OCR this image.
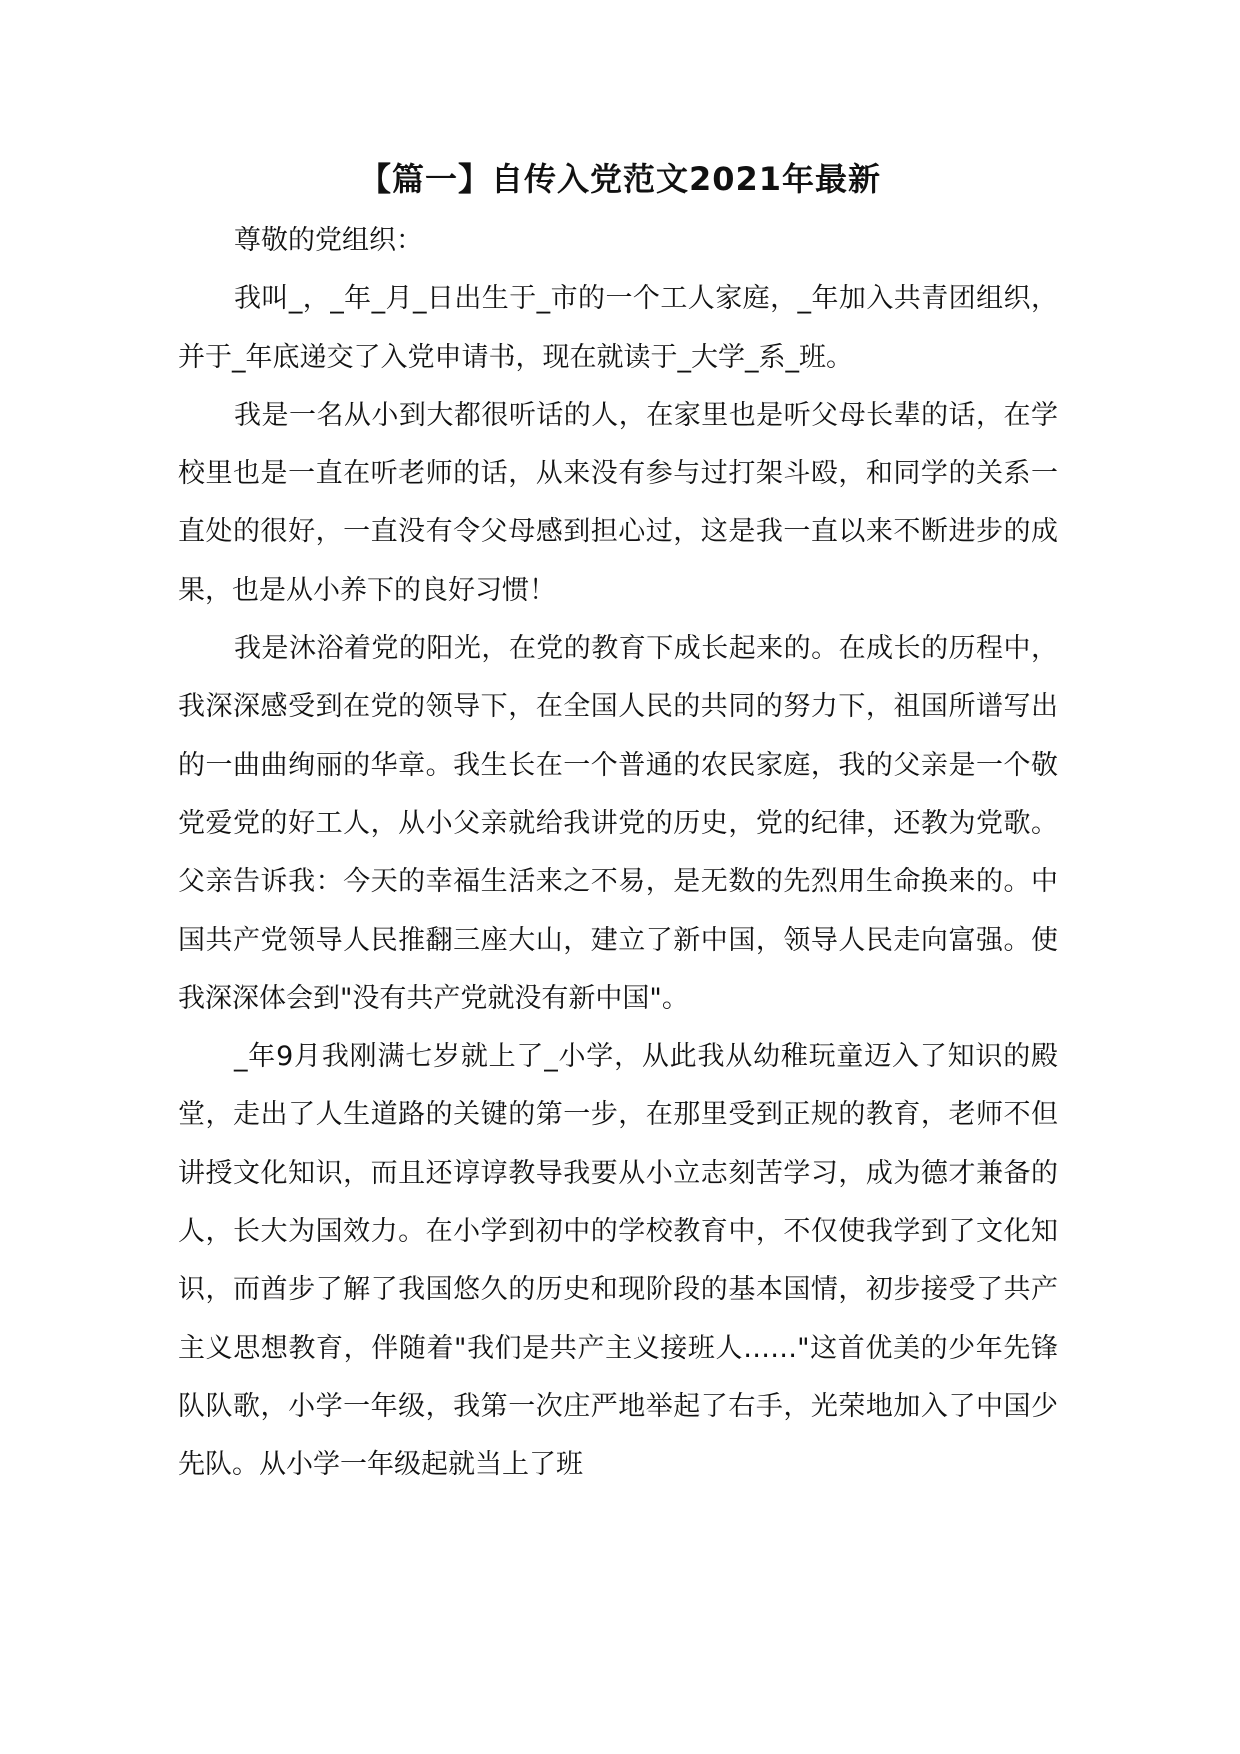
【篇一】自传入党范文2021年最新

尊敬的党组织：

我叫_，_年_月_日出生于_市的一个工人家庭，_年加入共青团组织，并于_年底递交了入党申请书，现在就读于_大学_系_班。

我是一名从小到大都很听话的人，在家里也是听父母长辈的话，在学校里也是一直在听老师的话，从来没有参与过打架斗殴，和同学的关系一直处的很好，一直没有令父母感到担心过，这是我一直以来不断进步的成果，也是从小养下的良好习惯！

我是沐浴着党的阳光，在党的教育下成长起来的。在成长的历程中，我深深感受到在党的领导下，在全国人民的共同的努力下，祖国所谱写出的一曲曲绚丽的华章。我生长在一个普通的农民家庭，我的父亲是一个敬党爱党的好工人，从小父亲就给我讲党的历史，党的纪律，还教为党歌。父亲告诉我：今天的幸福生活来之不易，是无数的先烈用生命换来的。中国共产党领导人民推翻三座大山，建立了新中国，领导人民走向富强。使我深深体会到"没有共产党就没有新中国"。

_年9月我刚满七岁就上了_小学，从此我从幼稚玩童迈入了知识的殿堂，走出了人生道路的关键的第一步，在那里受到正规的教育，老师不但讲授文化知识，而且还谆谆教导我要从小立志刻苦学习，成为德才兼备的人，长大为国效力。在小学到初中的学校教育中，不仅使我学到了文化知识，而酋步了解了我国悠久的历史和现阶段的基本国情，初步接受了共产主义思想教育，伴随着"我们是共产主义接班人……"这首优美的少年先锋队队歌，小学一年级，我第一次庄严地举起了右手，光荣地加入了中国少先队。从小学一年级起就当上了班
